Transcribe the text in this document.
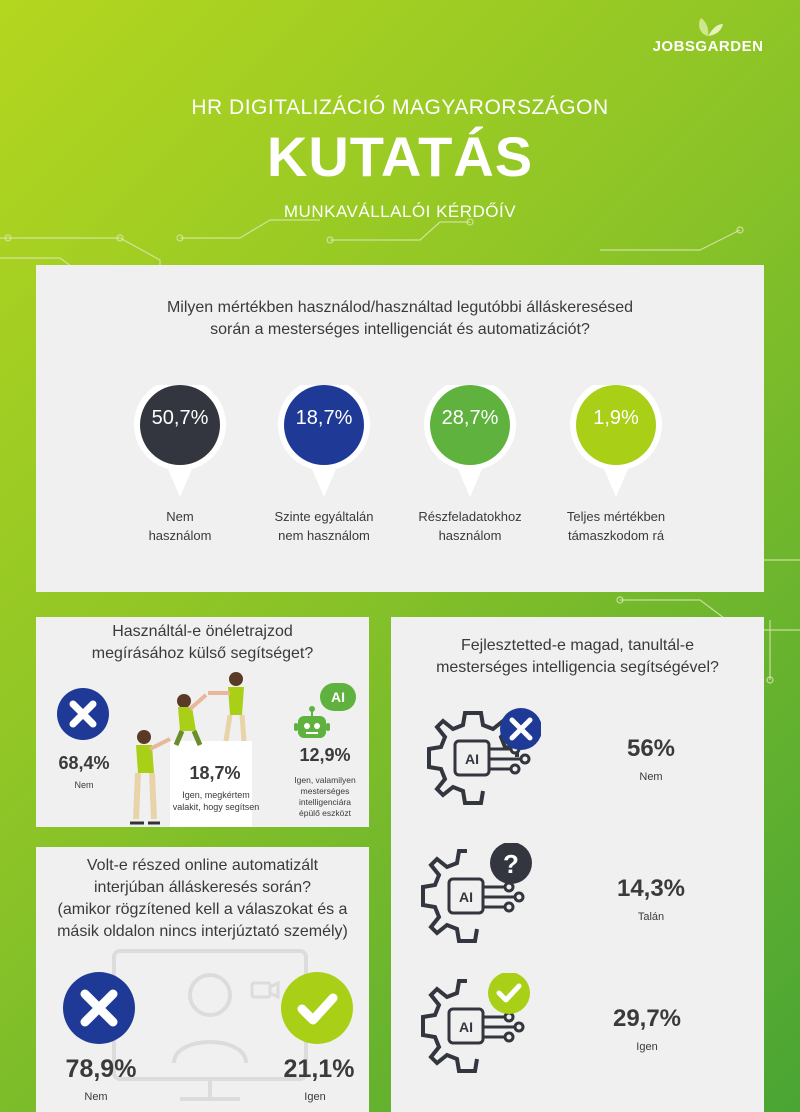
JOBSGARDEN
HR DIGITALIZÁCIÓ MAGYARORSZÁGON
KUTATÁS
MUNKAVÁLLALÓI KÉRDŐÍV
Milyen mértékben használod/használtad legutóbbi álláskeresésed
során a mesterséges intelligenciát és automatizációt?
50,7%
Nem
használom
18,7%
Szinte egyáltalán
nem használom
28,7%
Részfeladatokhoz
használom
1,9%
Teljes mértékben
támaszkodom rá
Használtál-e önéletrajzod
megírásához külső segítséget?
68,4%
Nem
18,7%
Igen, megkértem
valakit, hogy segítsen
AI
12,9%
Igen, valamilyen
mesterséges
intelligenciára
épülő eszközt
Fejlesztetted-e magad, tanultál-e
mesterséges intelligencia segítségével?
AI	56%
Nem
AI
?
14,3%
Talán
AI	29,7%
Igen
Volt-e részed online automatizált
interjúban álláskeresés során?
(amikor rögzítened kell a válaszokat és a
másik oldalon nincs interjúztató személy)
78,9%
Nem
21,1%
Igen
